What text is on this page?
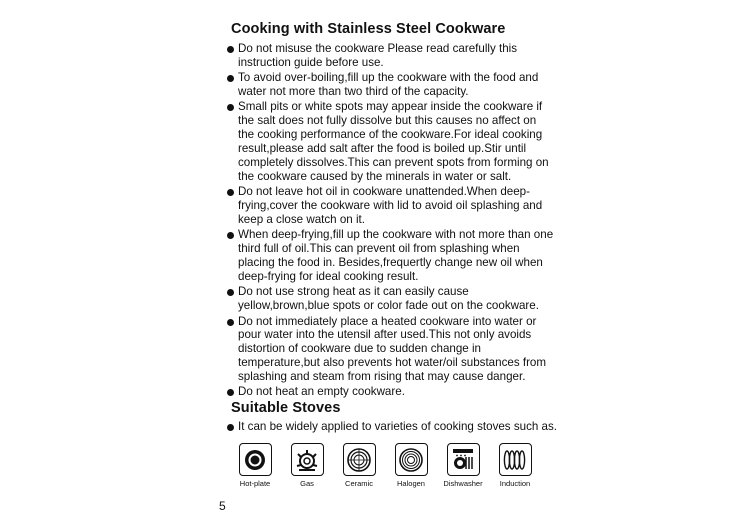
Cooking with Stainless Steel Cookware
Do not misuse the cookware Please read carefully this instruction guide before use.
To avoid over-boiling,fill up the cookware with the food and water not more than two third of the capacity.
Small pits or white spots may appear inside the cookware if the salt does not fully dissolve but this causes no affect on the cooking performance of the cookware.For ideal cooking result,please add salt after the food is boiled up.Stir until completely dissolves.This can prevent spots from forming on the cookware caused by the minerals in water or salt.
Do not leave hot oil in cookware unattended.When deep-frying,cover the cookware with lid to avoid oil splashing and keep a close watch on it.
When deep-frying,fill up the cookware with not more than one third full of oil.This can prevent oil from splashing when placing the food in. Besides,frequertly change new oil when deep-frying for ideal cooking result.
Do not use strong heat as it can easily cause yellow,brown,blue spots or color fade out on the cookware.
Do not immediately place a heated cookware into water or pour water into the utensil after used.This not only avoids distortion of cookware due to sudden change in temperature,but also prevents hot water/oil substances from splashing and steam from rising that may cause danger.
Do not heat an empty cookware.
Suitable Stoves
It can be widely applied to varieties of cooking stoves such as.
Hot-plate	Gas	Ceramic	Halogen Dishwasher Induction
5
